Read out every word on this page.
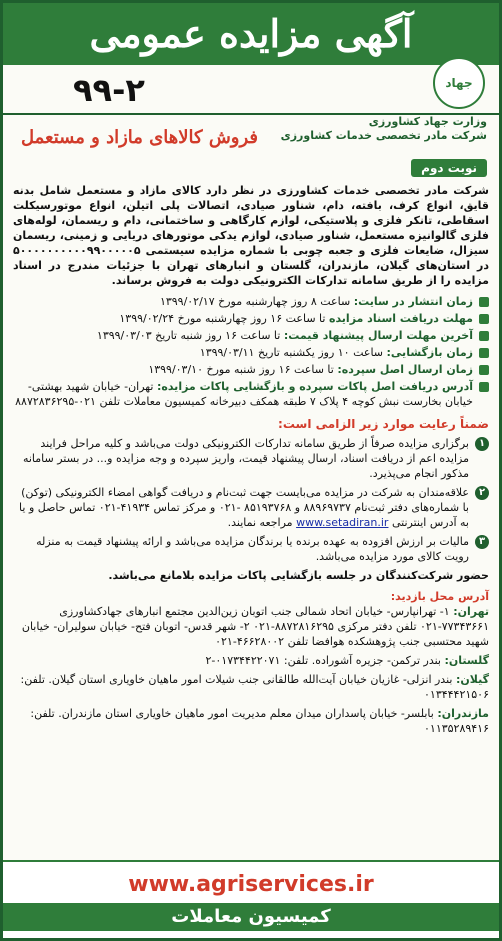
آگهی مزایده عمومی
۹۹-۲	جهاد
وزارت جهاد کشاورزی
شرکت مادر تخصصی خدمات کشاورزی
فروش کالاهای مازاد و مستعمل
نوبت دوم

شرکت مادر تخصصی خدمات کشاورزی در نظر دارد کالای مازاد و مستعمل شامل بدنه قایق، انواع کرف، بافته، دام، شناور صیادی، اتصالات پلی اتیلن، انواع موتورسیکلت اسقاطی، تانکر فلزی و پلاستیکی، لوازم کارگاهی و ساختمانی، دام و ریسمان، لوله‌های فلزی گالوانیزه مستعمل، شناور صیادی، لوازم یدکی موتورهای دریایی و زمینی، ریسمان سیزال، ضایعات فلزی و جعبه چوبی با شماره مزایده سیستمی ۵۰۰۰۰۰۰۰۰۰۰۹۹۰۰۰۰۰۵ در استان‌های گیلان، مازندران، گلستان و انبارهای تهران با جزئیات مندرج در اسناد مزایده را از طریق سامانه تدارکات الکترونیکی دولت به فروش برساند.

زمان انتشار در سایت: ساعت ۸ روز چهارشنبه مورخ ۱۳۹۹/۰۲/۱۷
مهلت دریافت اسناد مزایده تا ساعت ۱۶ روز چهارشنبه مورخ ۱۳۹۹/۰۲/۲۴
آخرین مهلت ارسال پیشنهاد قیمت: تا ساعت ۱۶ روز شنبه تاریخ ۱۳۹۹/۰۳/۰۳
زمان بازگشایی: ساعت ۱۰ روز یکشنبه تاریخ ۱۳۹۹/۰۳/۱۱
زمان ارسال اصل سپرده: تا ساعت ۱۶ روز شنبه مورخ ۱۳۹۹/۰۳/۱۰
آدرس دریافت اصل پاکات سپرده و بازگشایی پاکات مزایده: تهران- خیابان شهید بهشتی- خیابان بخارست نبش کوچه ۴ پلاک ۷ طبقه همکف دبیرخانه کمیسیون معاملات تلفن ۰۲۱-۸۸۷۲۸۳۶۲۹۵
ضمناً رعایت موارد زیر الزامی است:
۱
برگزاری مزایده صرفاً از طریق سامانه تدارکات الکترونیکی دولت می‌باشد و کلیه مراحل فرایند مزایده اعم از دریافت اسناد، ارسال پیشنهاد قیمت، واریز سپرده و وجه مزایده و... در بستر سامانه مذکور انجام می‌پذیرد.
۲
علاقه‌مندان به شرکت در مزایده می‌بایست جهت ثبت‌نام و دریافت گواهی امضاء الکترونیکی (توکن) با شماره‌های دفتر ثبت‌نام ۸۸۹۶۹۷۳۷ و ۸۵۱۹۳۷۶۸ -۰۲۱ و مرکز تماس ۴۱۹۳۴-۰۲۱ تماس حاصل و یا به آدرس اینترنتی www.setadiran.ir مراجعه نمایند.
۳
مالیات بر ارزش افزوده به عهده برنده یا برندگان مزایده می‌باشد و ارائه پیشنهاد قیمت به منزله رویت کالای مورد مزایده می‌باشد.

حضور شرکت‌کنندگان در جلسه بازگشایی پاکات مزایده بلامانع می‌باشد.

آدرس محل بازدید:
تهران: ۱- تهرانپارس- خیابان اتحاد شمالی جنب اتوبان زین‌الدین مجتمع انبارهای جهادکشاورزی ۷۷۳۴۳۶۶۱-۰۲۱ تلفن دفتر مرکزی ۸۸۷۲۸۱۶۲۹۵-۰۲۱ ۲- شهر قدس- اتوبان فتح- خیابان سولیران- خیابان شهید محتسبی جنب پژوهشکده هوافضا تلفن ۴۶۶۲۸۰۰۲-۰۲۱
گلستان: بندر ترکمن- جزیره آشوراده. تلفن: ۰۱۷۳۴۴۲۲۰۷۱-۲
گیلان: بندر انزلی- غازیان خیابان آیت‌الله طالقانی جنب شیلات امور ماهیان خاویاری استان گیلان. تلفن: ۰۱۳۴۴۴۲۱۵۰۶
مازندران: بابلسر- خیابان پاسداران میدان معلم مدیریت امور ماهیان خاویاری استان مازندران. تلفن: ۰۱۱۳۵۲۸۹۴۱۶
www.agriservices.ir
کمیسیون معاملات
